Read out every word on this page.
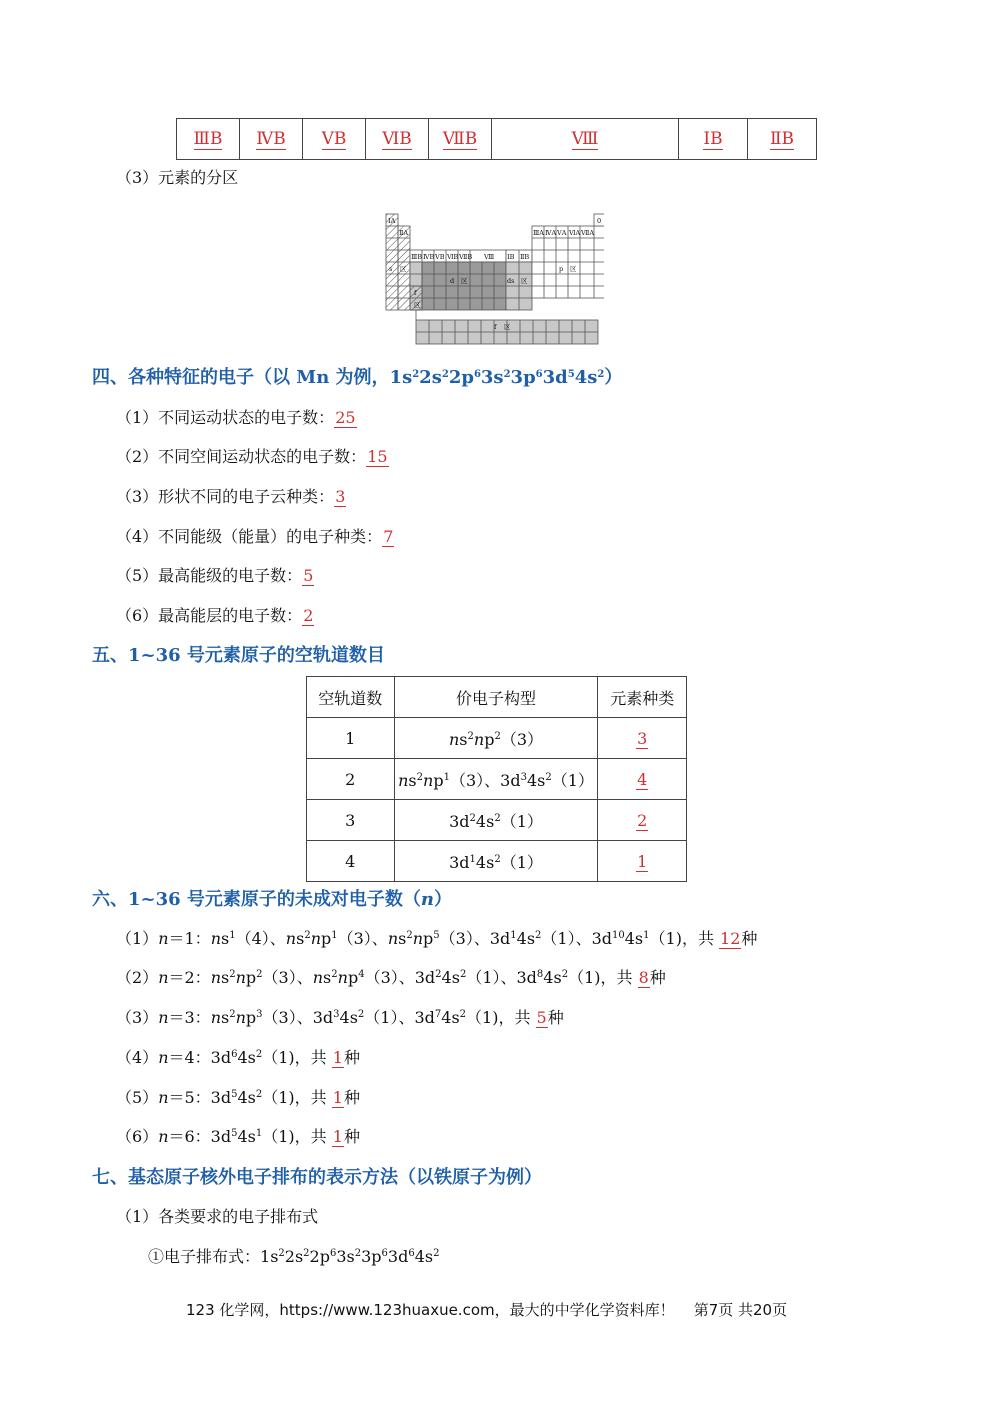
ⅢB	ⅣB	ⅤB	ⅥB	ⅦB	Ⅷ	ⅠB	ⅡB
（3）元素的分区
ⅠA
ⅡA	ⅢA ⅣA ⅤA ⅥA ⅦA
0
ⅢB ⅣB ⅤB ⅥB ⅦB Ⅷ ⅠB ⅡB
s 区
d 区	ds 区
p 区
f
区
f 区
四、各种特征的电子（以 Mn 为例，$1s^22s^22p^63s^23p^63d^54s^2$）
（1）不同运动状态的电子数：25
（2）不同空间运动状态的电子数：15
（3）形状不同的电子云种类：3
（4）不同能级（能量）的电子种类：7
（5）最高能级的电子数：5
（6）最高能层的电子数：2
五、1~36 号元素原子的空轨道数目
空轨道数	价电子构型	元素种类
1	$ns^2np^2(3)$	3
2	$ns^2np^1(3)$、$3d^34s^2(1)$	4
3	$3d^24s^2(1)$	2
4	$3d^14s^2(1)$	1
六、1~36 号元素原子的未成对电子数（n）
（1）n＝1：$ns^1(4)$、$ns^2np^1(3)$、$ns^2np^5(3)$、$3d^14s^2(1)$、$3d^{10}4s^1(1)$，共 12种
（2）n＝2：$ns^2np^2(3)$、$ns^2np^4(3)$、$3d^24s^2(1)$、$3d^84s^2(1)$，共 8种
（3）n＝3：$ns^2np^3(3)$、$3d^34s^2(1)$、$3d^74s^2(1)$，共 5种
（4）n＝4：$3d^64s^2(1)$，共 1种
（5）n＝5：$3d^54s^2(1)$，共 1种
（6）n＝6：$3d^54s^1(1)$，共 1种
七、基态原子核外电子排布的表示方法（以铁原子为例）
（1）各类要求的电子排布式
①电子排布式：$1s^22s^22p^63s^23p^63d^64s^2$
123 化学网，https://www.123huaxue.com，最大的中学化学资料库！ 第7页 共20页
